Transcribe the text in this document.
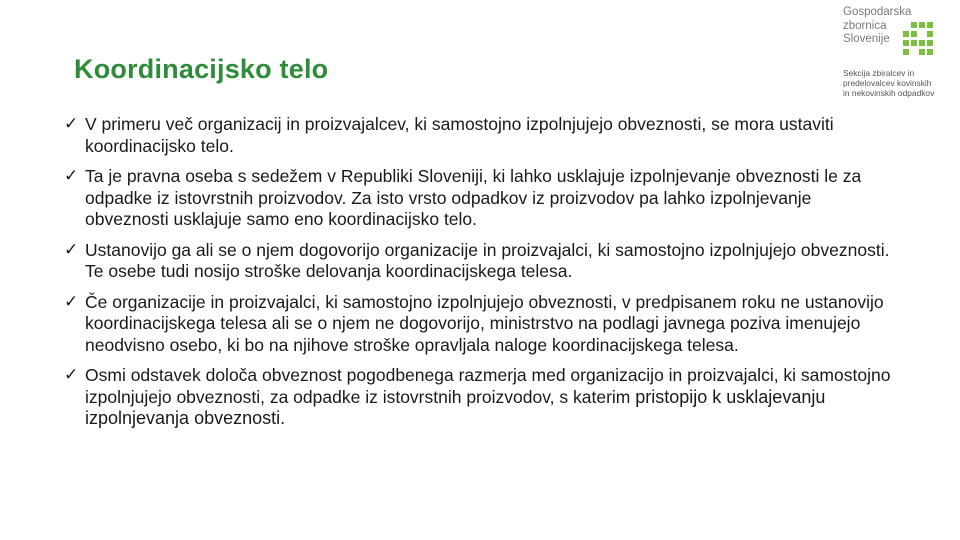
Gospodarska
zbornica
Slovenije
Sekcija zbiralcev in
predelovalcev kovinskih
in nekovinskih odpadkov
Koordinacijsko telo
✓ V primeru več organizacij in proizvajalcev, ki samostojno izpolnjujejo obveznosti, se mora ustaviti koordinacijsko telo.
✓ Ta je pravna oseba s sedežem v Republiki Sloveniji, ki lahko usklajuje izpolnjevanje obveznosti le za odpadke iz istovrstnih proizvodov. Za isto vrsto odpadkov iz proizvodov pa lahko izpolnjevanje obveznosti usklajuje samo eno koordinacijsko telo.
✓ Ustanovijo ga ali se o njem dogovorijo organizacije in proizvajalci, ki samostojno izpolnjujejo obveznosti. Te osebe tudi nosijo stroške delovanja koordinacijskega telesa.
✓ Če organizacije in proizvajalci, ki samostojno izpolnjujejo obveznosti, v predpisanem roku ne ustanovijo koordinacijskega telesa ali se o njem ne dogovorijo, ministrstvo na podlagi javnega poziva imenujejo neodvisno osebo, ki bo na njihove stroške opravljala naloge koordinacijskega telesa.
✓ Osmi odstavek določa obveznost pogodbenega razmerja med organizacijo in proizvajalci, ki samostojno izpolnjujejo obveznosti, za odpadke iz istovrstnih proizvodov, s katerim pristopijo k usklajevanju izpolnjevanja obveznosti.
